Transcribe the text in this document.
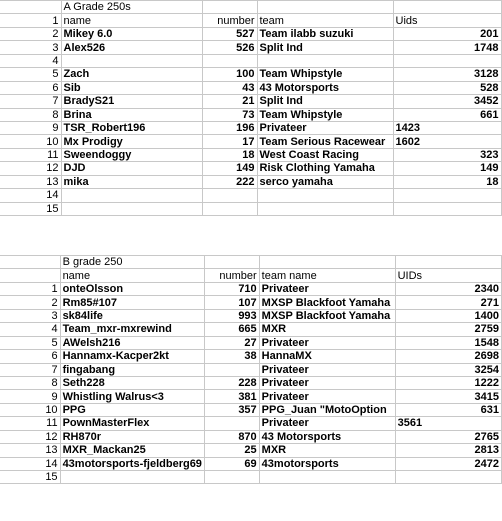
	A Grade 250s			
1	name	number	team	Uids
2	Mikey 6.0	527	Team ilabb suzuki	201
3	Alex526	526	Split Ind	1748
4				
5	Zach	100	Team Whipstyle	3128
6	Sib	43	43 Motorsports	528
7	BradyS21	21	Split Ind	3452
8	Brina	73	Team Whipstyle	661
9	TSR_Robert196	196	Privateer	1423
10	Mx Prodigy	17	Team Serious Racewear	1602
11	Sweendoggy	18	West Coast Racing	323
12	DJD	149	Risk Clothing Yamaha	149
13	mika	222	serco yamaha	18
14				
15				
	B grade 250			
	name	number	team name	UIDs
1	onteOlsson	710	Privateer	2340
2	Rm85#107	107	MXSP Blackfoot Yamaha	271
3	sk84life	993	MXSP Blackfoot Yamaha	1400
4	Team_mxr-mxrewind	665	MXR	2759
5	AWelsh216	27	Privateer	1548
6	Hannamx-Kacper2kt	38	HannaMX	2698
7	fingabang		Privateer	3254
8	Seth228	228	Privateer	1222
9	Whistling Walrus<3	381	Privateer	3415
10	PPG	357	PPG_Juan "MotoOption	631
11	PownMasterFlex		Privateer	3561
12	RH870r	870	43 Motorsports	2765
13	MXR_Mackan25	25	MXR	2813
14	43motorsports-fjeldberg69	69	43motorsports	2472
15				
